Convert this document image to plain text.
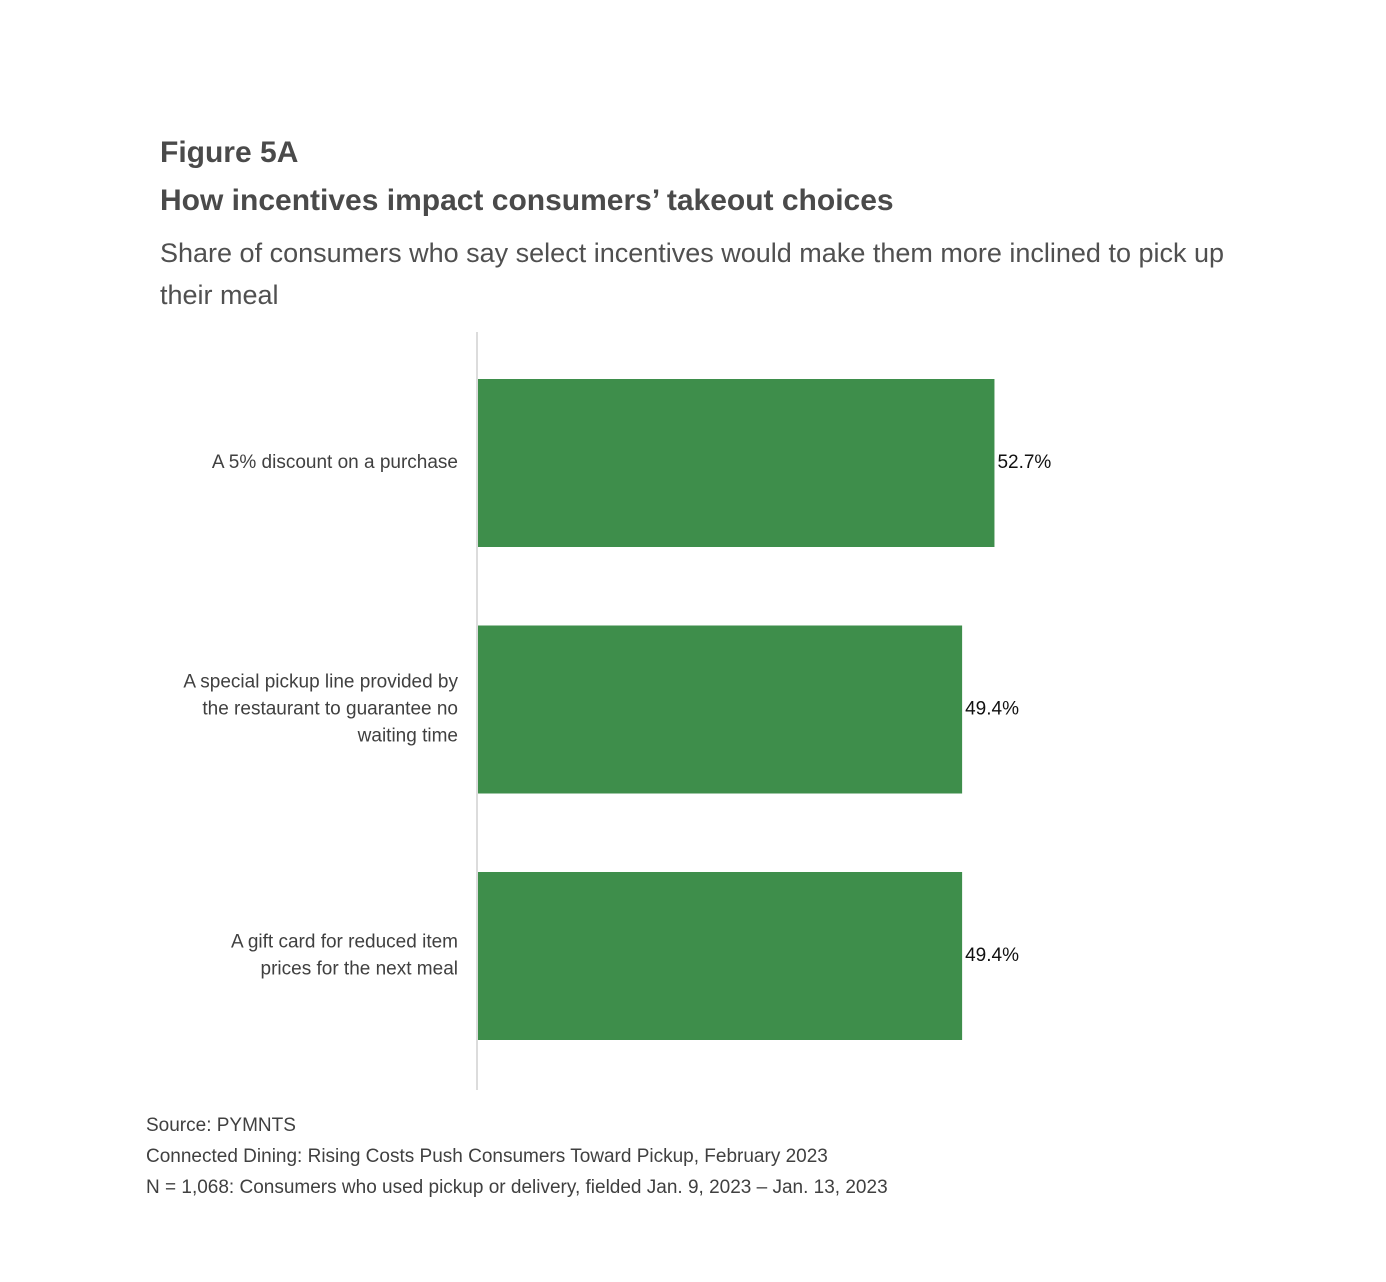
Figure 5A
How incentives impact consumers’ takeout choices
Share of consumers who say select incentives would make them more inclined to pick up their meal
A 5% discount on a purchase
A special pickup line provided by the restaurant to guarantee no waiting time
A gift card for reduced item prices for the next meal
52.7%
49.4%
49.4%
Source: PYMNTS
Connected Dining: Rising Costs Push Consumers Toward Pickup, February 2023
N = 1,068: Consumers who used pickup or delivery, fielded Jan. 9, 2023 – Jan. 13, 2023
